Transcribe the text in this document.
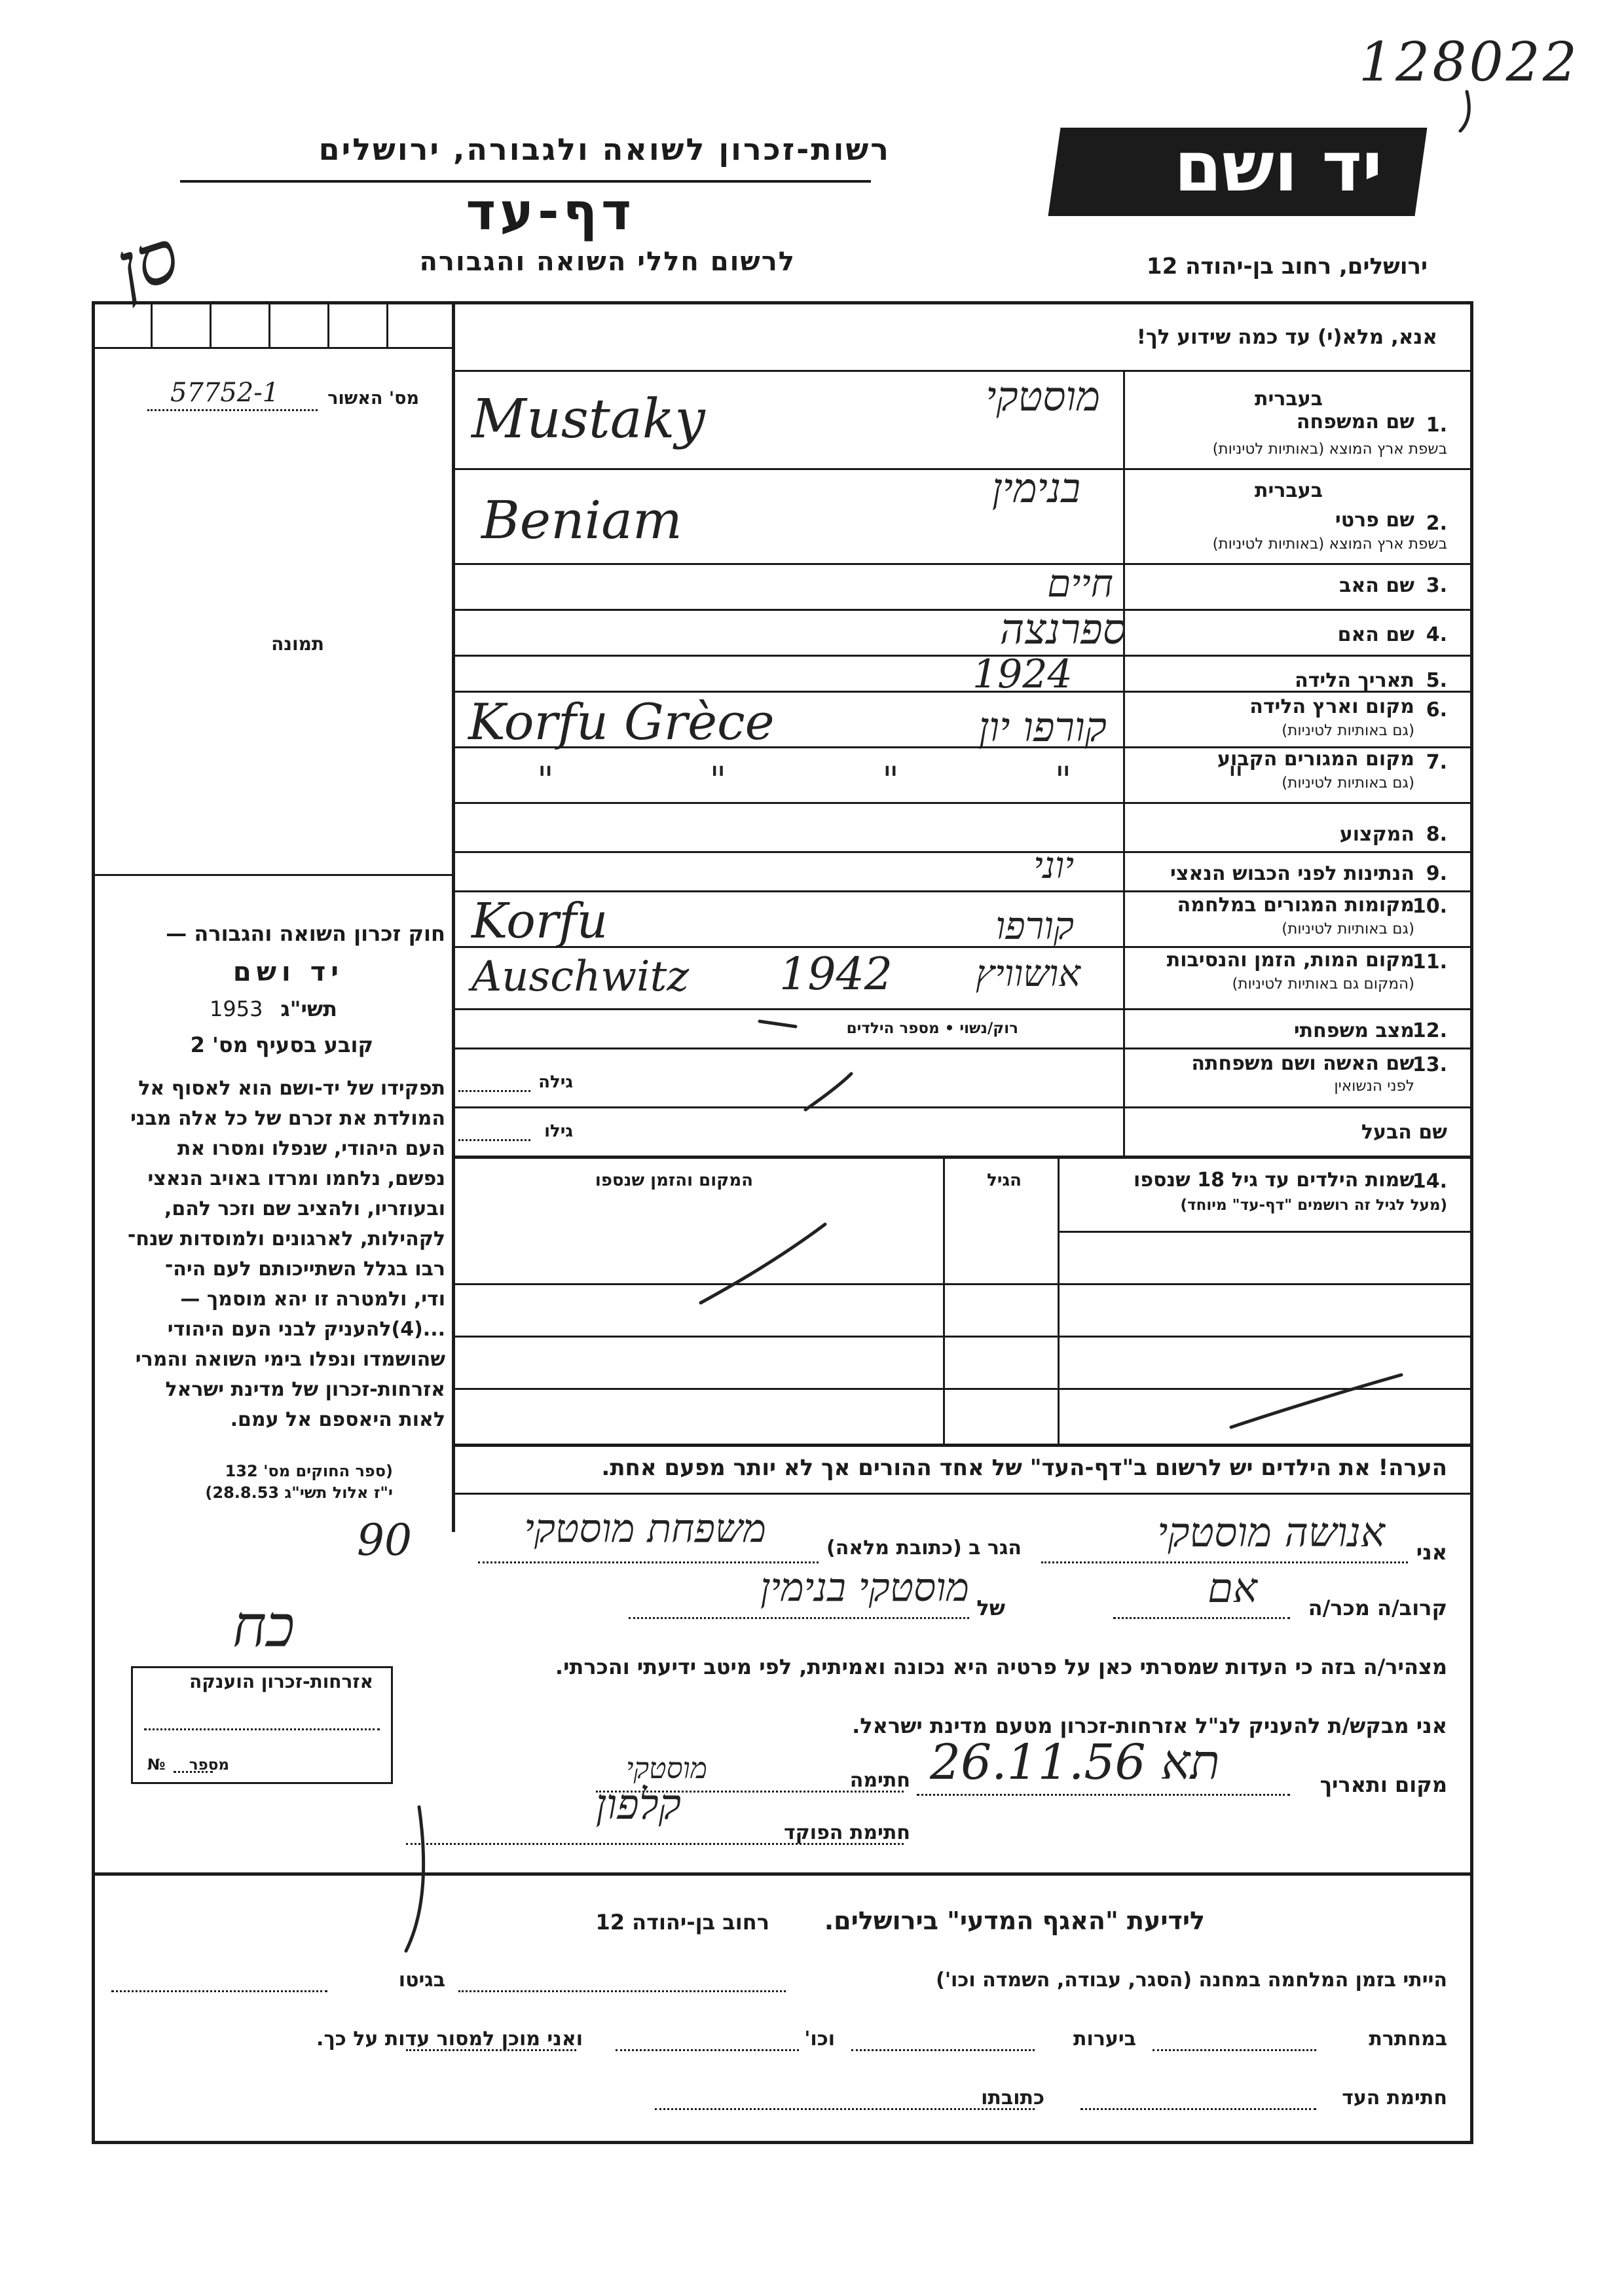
128022
רשות-זכרון לשואה ולגבורה, ירושלים	יד ושם
דף-עד
לרשום חללי השואה והגבורה	ירושלים, רחוב בן-יהודה 12
סן
מס' האשור
57752-1
תמונה
חוק זכרון השואה והגבורה —
יד ושם
1953 תשי"ג
קובע בסעיף מס' 2
תפקידו של יד-ושם הוא לאסוף אל
המולדת את זכרם של כל אלה מבני
העם היהודי, שנפלו ומסרו את
נפשם, נלחמו ומרדו באויב הנאצי
ובעוזריו, ולהציב שם וזכר להם,
לקהילות, לארגונים ולמוסדות שנח־
רבו בגלל השתייכותם לעם היה־
ודי, ולמטרה זו יהא מוסמך —
...(4)להעניק לבני העם היהודי
שהושמדו ונפלו בימי השואה והמרי
אזרחות-זכרון של מדינת ישראל
לאות היאספם אל עמם.
(ספר החוקים מס' 132
י"ז אלול תשי"ג 28.8.53)
אנא, מלא(י) עד כמה שידוע לך!
1.
שם המשפחה
בשפת ארץ המוצא (באותיות לטיניות)
בעברית
מוסטקי
Mustaky
2.
שם פרטי
בשפת ארץ המוצא (באותיות לטיניות)
בעברית
בנימין
Beniam
3.
שם האב
חיים
4.
שם האם
ספרנצה
5.
תאריך הלידה
1924
6.
מקום וארץ הלידה
(גם באותיות לטיניות)
Korfu Grèce	קורפו יון
7.
מקום המגורים הקבוע
(גם באותיות לטיניות)
" " " " "
8.
המקצוע
9.
הנתינות לפני הכבוש הנאצי
יוני
10.
מקומות המגורים במלחמה
(גם באותיות לטיניות)
Korfu	קורפו
11.
מקום המות, הזמן והנסיבות
(המקום גם באותיות לטיניות)
Auschwitz 1942 אושוויץ
12.
מצב משפחתי
רוק/נשוי • מספר הילדים
13.
שם האשה ושם משפחתה
לפני הנשואין
גילה
שם הבעל
גילו
14.
שמות הילדים עד גיל 18 שנספו
(מעל לגיל זה רושמים "דף-עד" מיוחד)
הגיל
המקום והזמן שנספו
הערה! את הילדים יש לרשום ב"דף-העד" של אחד ההורים אך לא יותר מפעם אחת.
אני
אנושה מוסטקי
הגר ב (כתובת מלאה)
משפחת מוסטקי
קרוב/ה מכר/ה
אם
של
מוסטקי בנימין
מצהיר/ה בזה כי העדות שמסרתי כאן על פרטיה היא נכונה ואמיתית, לפי מיטב ידיעתי והכרתי.
אני מבקש/ת להעניק לנ"ל אזרחות-זכרון מטעם מדינת ישראל.
מקום ותאריך
תא 26.11.56
חתימה
מוסטקי
חתימת הפוקד
קלפון
90
כח
אזרחות-זכרון הוענקה
מספר
№
לידיעת "האגף המדעי" בירושלים.
רחוב בן-יהודה 12
הייתי בזמן המלחמה במחנה (הסגר, עבודה, השמדה וכו')
בגיטו
במחתרת
ביערות
וכו'
ואני מוכן למסור עדות על כך.
חתימת העד
כתובתו
